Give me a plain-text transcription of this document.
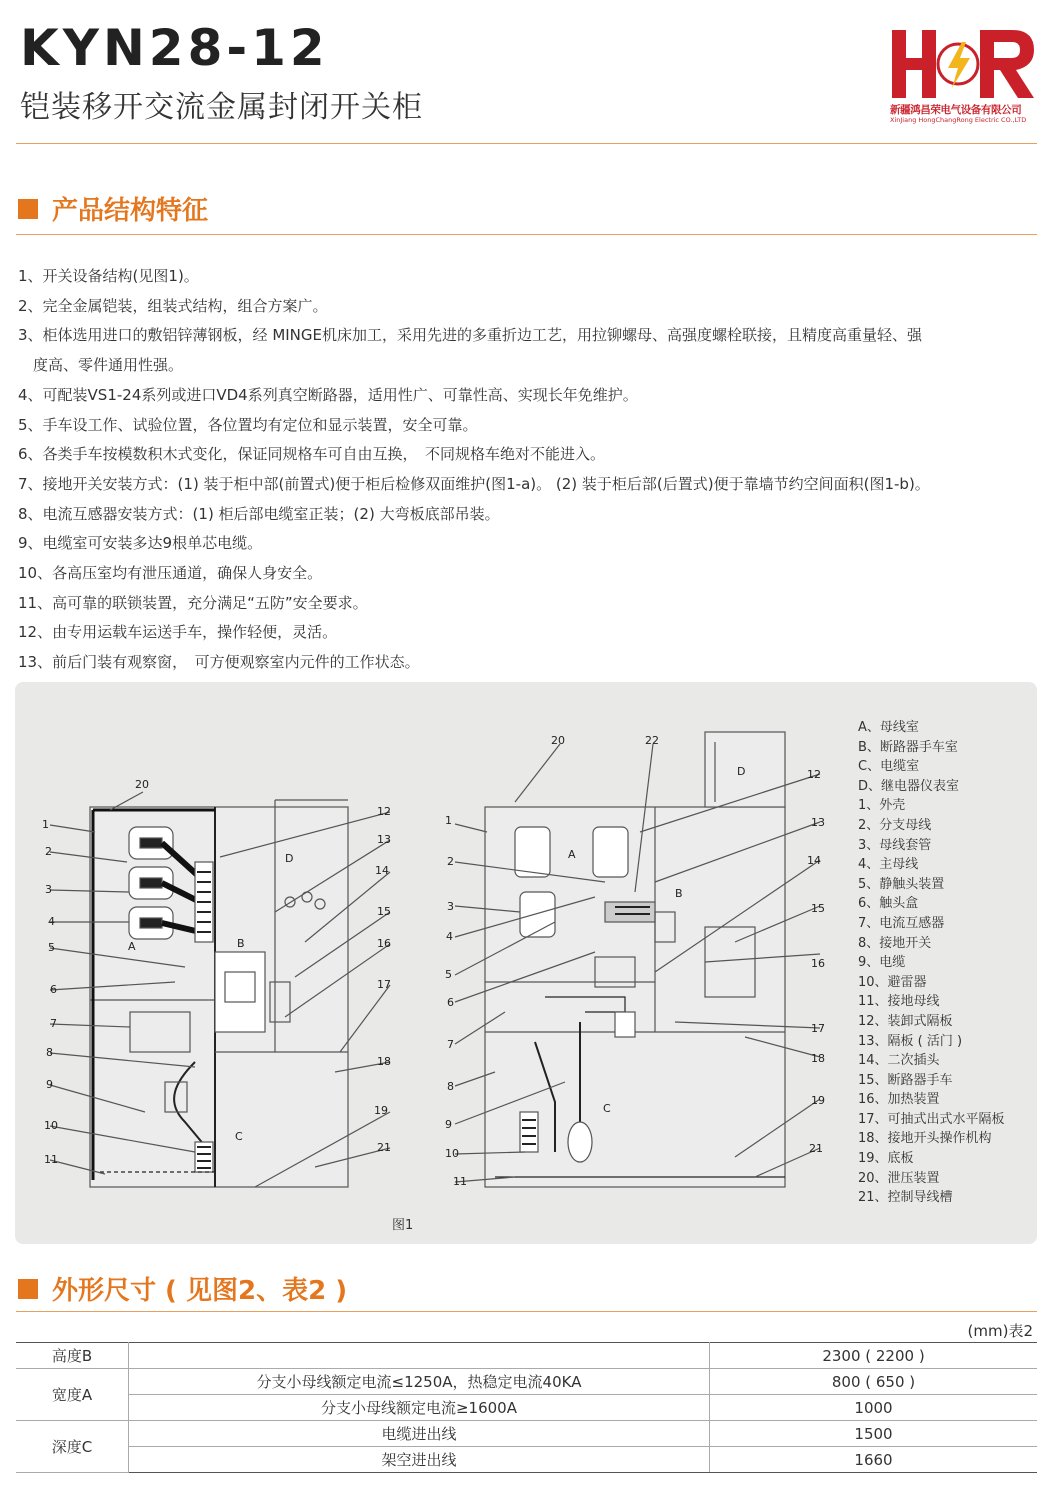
KYN28-12
铠装移开交流金属封闭开关柜	新疆鸿昌荣电气设备有限公司
XinJiang HongChangRong Electric CO.,LTD
产品结构特征
1、开关设备结构(见图1)。
2、完全金属铠装，组装式结构，组合方案广。
3、柜体选用进口的敷铝锌薄钢板，经 MINGE机床加工，采用先进的多重折边工艺，用拉铆螺母、高强度螺栓联接，且精度高重量轻、强
　度高、零件通用性强。
4、可配装VS1-24系列或进口VD4系列真空断路器，适用性广、可靠性高、实现长年免维护。
5、手车设工作、试验位置，各位置均有定位和显示装置，安全可靠。
6、各类手车按模数积木式变化，保证同规格车可自由互换，　不同规格车绝对不能进入。
7、接地开关安装方式：(1) 装于柜中部(前置式)便于柜后检修双面维护(图1-a)。 (2) 装于柜后部(后置式)便于靠墙节约空间面积(图1-b)。
8、电流互感器安装方式：(1) 柜后部电缆室正装；(2) 大弯板底部吊装。
9、电缆室可安装多达9根单芯电缆。
10、各高压室均有泄压通道，确保人身安全。
11、高可靠的联锁装置，充分满足“五防”安全要求。
12、由专用运载车运送手车，操作轻便，灵活。
13、前后门装有观察窗，　可方便观察室内元件的工作状态。
1
2
3
4
5
6
7
8
9
10
11
20
12
13
14
15
16
17
18
19
21
A	B
C
D
1
2
3
4
5
6
7
8
9
10
11
20	22
12
13
14
15
16
17
18
19
21
A
B
C
D
图1
A、母线室
B、断路器手车室
C、电缆室
D、继电器仪表室
1、外壳
2、分支母线
3、母线套管
4、主母线
5、静触头装置
6、触头盒
7、电流互感器
8、接地开关
9、电缆
10、避雷器
11、接地母线
12、装卸式隔板
13、隔板 ( 活门 )
14、二次插头
15、断路器手车
16、加热装置
17、可抽式出式水平隔板
18、接地开头操作机构
19、底板
20、泄压装置
21、控制导线槽
外形尺寸 ( 见图2、表2 )
(mm)表2
高度B		2300 ( 2200 )
宽度A	分支小母线额定电流≤1250A，热稳定电流40KA	800 ( 650 )
	分支小母线额定电流≥1600A	1000
深度C	电缆进出线	1500
	架空进出线	1660
